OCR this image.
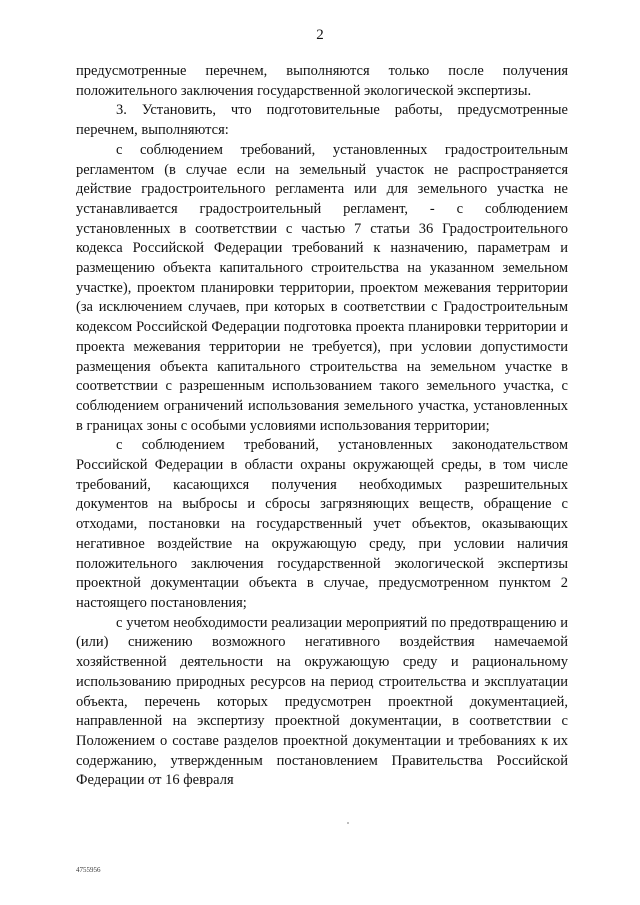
2

предусмотренные перечнем, выполняются только после получения положительного заключения государственной экологической экспертизы.

3. Установить, что подготовительные работы, предусмотренные перечнем, выполняются:

с соблюдением требований, установленных градостроительным регламентом (в случае если на земельный участок не распространяется действие градостроительного регламента или для земельного участка не устанавливается градостроительный регламент, - с соблюдением установленных в соответствии с частью 7 статьи 36 Градостроительного кодекса Российской Федерации требований к назначению, параметрам и размещению объекта капитального строительства на указанном земельном участке), проектом планировки территории, проектом межевания территории (за исключением случаев, при которых в соответствии с Градостроительным кодексом Российской Федерации подготовка проекта планировки территории и проекта межевания территории не требуется), при условии допустимости размещения объекта капитального строительства на земельном участке в соответствии с разрешенным использованием такого земельного участка, с соблюдением ограничений использования земельного участка, установленных в границах зоны с особыми условиями использования территории;

с соблюдением требований, установленных законодательством Российской Федерации в области охраны окружающей среды, в том числе требований, касающихся получения необходимых разрешительных документов на выбросы и сбросы загрязняющих веществ, обращение с отходами, постановки на государственный учет объектов, оказывающих негативное воздействие на окружающую среду, при условии наличия положительного заключения государственной экологической экспертизы проектной документации объекта в случае, предусмотренном пунктом 2 настоящего постановления;

с учетом необходимости реализации мероприятий по предотвращению и (или) снижению возможного негативного воздействия намечаемой хозяйственной деятельности на окружающую среду и рациональному использованию природных ресурсов на период строительства и эксплуатации объекта, перечень которых предусмотрен проектной документацией, направленной на экспертизу проектной документации, в соответствии с Положением о составе разделов проектной документации и требованиях к их содержанию, утвержденным постановлением Правительства Российской Федерации от 16 февраля

4755956
